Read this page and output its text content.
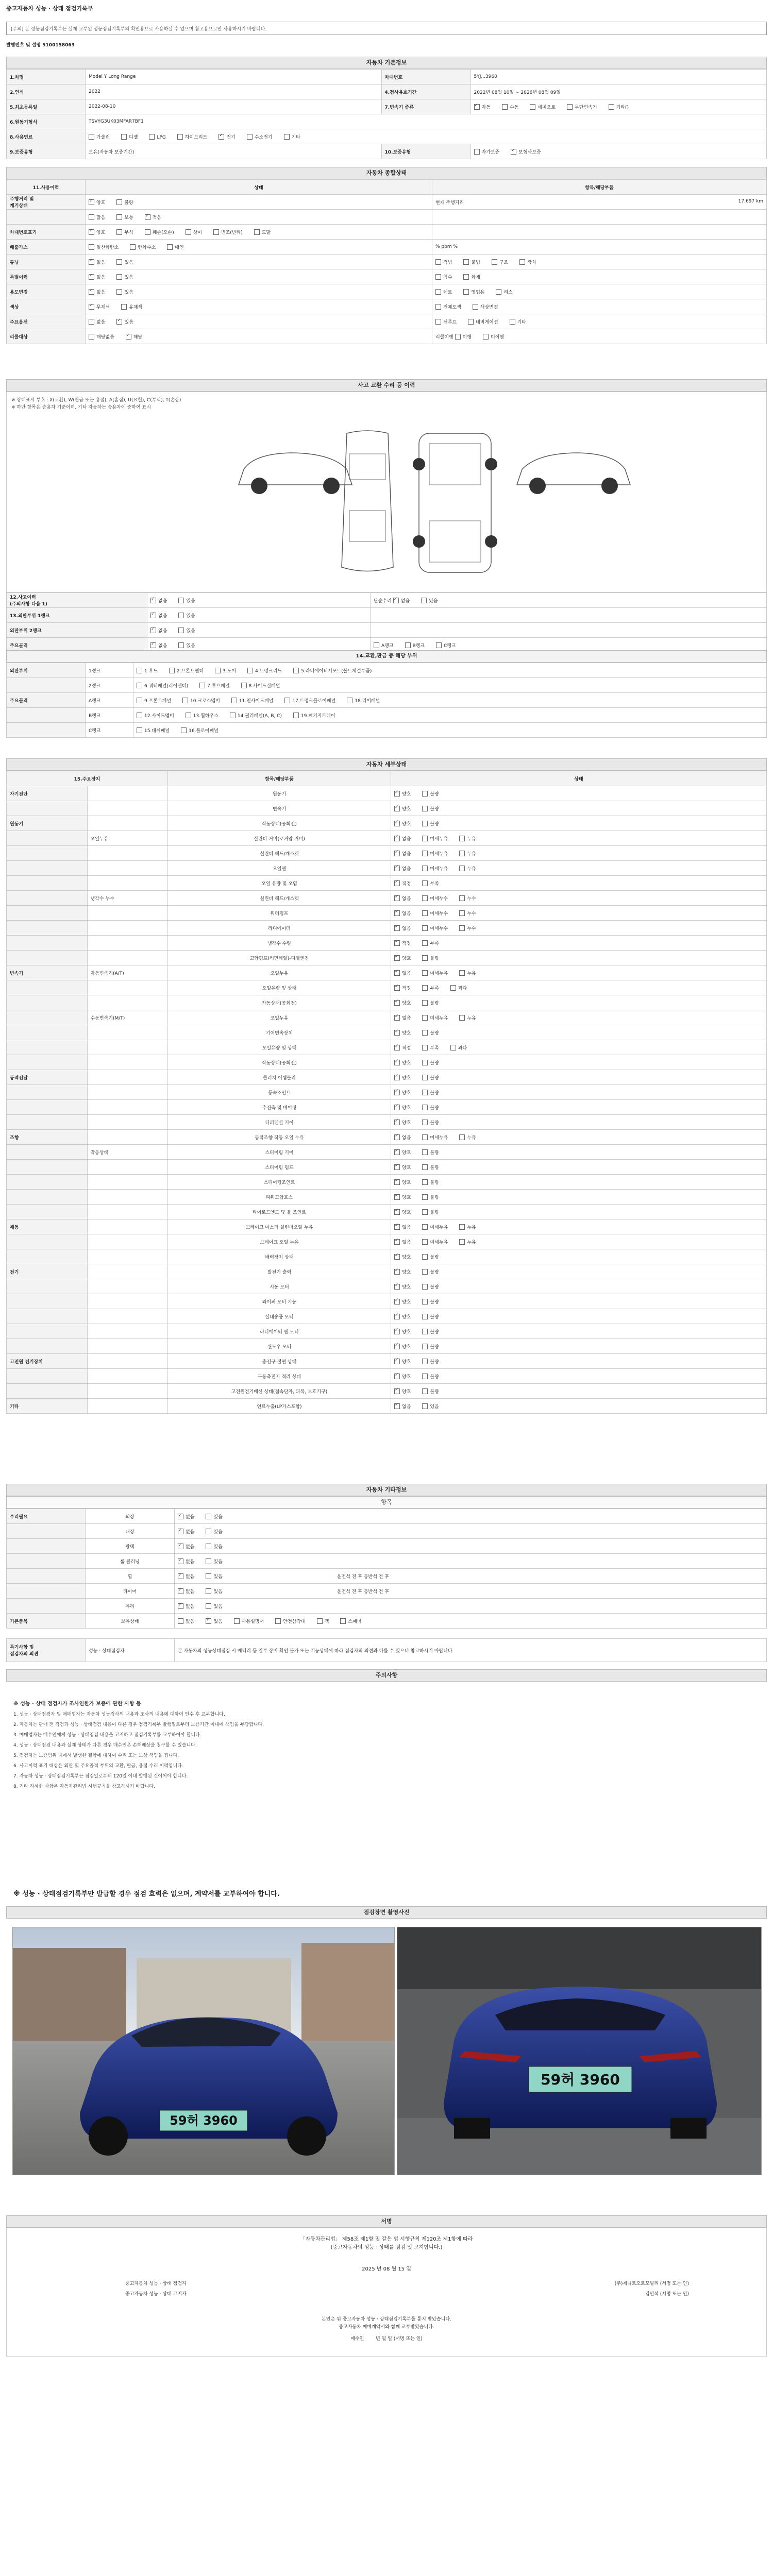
중고자동차 성능 · 상태 점검기록부
[주의] 본 성능점검기록부는 실제 교부된 성능점검기록부의 확인용으로 사용하실 수 없으며 참고용으로만 사용하시기 바랍니다.
발행번호 및 설명 5100158063
자동차 기본정보
1.차명	Model Y Long Range	차대번호	5YJ...3960
2.연식	2022	4.검사유효기간	2022년 08월 10일 ~ 2026년 08월 09일
5.최초등록일	2022-08-10	7.변속기 종류	✓자동 수동 세미오토 무단변속기 기타()
6.원동기형식	TSVYG3UK03MFAR7BF1		
8.사용연료	가솔린 디젤 LPG 하이브리드 ✓ 전기 수소전기 기타
9.보증유형	보유(자동차 보증기간)	10.보증유형	자가보증 ✓ 보험사보증
자동차 종합상태
11.사용이력	상태	항목/해당부품
주행거리 및
계기상태	✓양호 불량	현재 주행거리 17,697 km

	많음 보통 ✓ 적음	
차대번호표기	✓양호 부식 훼손(오손) 상이 변조(변타) 도말	
배출가스	일산화탄소 탄화수소 매연	% ppm %
튜닝	✓없음 있음	적법 불법 구조 장치
특별이력	✓없음 있음	침수 화재
용도변경	✓없음 있음	렌트 영업용 리스
색상	✓무채색 유채색	전체도색 색상변경
주요옵션	없음 ✓ 있음	선루프 네비게이션 기타
리콜대상	해당없음 ✓ 해당	리콜이행 이행 미이행
사고 교환 수리 등 이력
※ 상태표시 부호 : X(교환), W(판금 또는 용접), A(흠집), U(요철), C(부식), T(손상)
※ 하단 항목은 승용차 기준이며, 기타 자동차는 승용차에 준하여 표시
12.사고이력
(주의사항 다음 1)	✓없음 있음	단순수리 ✓없음 있음
13.외판부위 1랭크	✓없음 있음	
외판부위 2랭크	✓없음 있음	
주요골격	✓없음 있음	A랭크 B랭크 C랭크
14.교환,판금 등 해당 부위
외판부위	1랭크	1.후드 2.프론트펜더 3.도어 4.트렁크리드 5.라디에이터서포트(볼트체결부품)
	2랭크	6.쿼터패널(리어펜더) 7.루프패널 8.사이드실패널
주요골격	A랭크	9.프론트패널 10.크로스멤버 11.인사이드패널 17.트렁크플로어패널 18.리어패널
	B랭크	12.사이드멤버 13.휠하우스 14.필러패널(A, B, C) 19.패키지트레이
	C랭크	15.대쉬패널 16.플로어패널
자동차 세부상태
15.주요장치		항목/해당부품	상태
자기진단		원동기	✓양호 불량
		변속기	✓양호 불량
원동기		작동상태(공회전)	✓양호 불량
	오일누유	실린더 커버(로커암 커버)	✓없음 미세누유 누유
		실린더 헤드/개스켓	✓없음 미세누유 누유
		오일팬	✓없음 미세누유 누유
		오일 유량 및 오염	✓적정 부족
	냉각수 누수	실린더 헤드/개스켓	✓없음 미세누수 누수
		워터펌프	✓없음 미세누수 누수
		라디에이터	✓없음 미세누수 누수
		냉각수 수량	✓적정 부족
		고압펌프(커먼레일)-디젤엔진	✓양호 불량
변속기	자동변속기(A/T)	오일누유	✓없음 미세누유 누유
		오일유량 및 상태	✓적정 부족 과다
		작동상태(공회전)	✓양호 불량
	수동변속기(M/T)	오일누유	✓없음 미세누유 누유
		기어변속장치	✓양호 불량
		오일유량 및 상태	✓적정 부족 과다
		작동상태(공회전)	✓양호 불량
동력전달		클러치 어셈블리	✓양호 불량
		등속조인트	✓양호 불량
		추진축 및 베어링	✓양호 불량
		디퍼렌셜 기어	✓양호 불량
조향		동력조향 작동 오일 누유	✓없음 미세누유 누유
	작동상태	스티어링 기어	✓양호 불량
		스티어링 펌프	✓양호 불량
		스티어링조인트	✓양호 불량
		파워고압호스	✓양호 불량
		타이로드엔드 및 볼 조인트	✓양호 불량
제동		브레이크 마스터 실린더오일 누유	✓없음 미세누유 누유
		브레이크 오일 누유	✓없음 미세누유 누유
		배력장치 상태	✓양호 불량
전기		발전기 출력	✓양호 불량
		시동 모터	✓양호 불량
		와이퍼 모터 기능	✓양호 불량
		실내송풍 모터	✓양호 불량
		라디에이터 팬 모터	✓양호 불량
		윈도우 모터	✓양호 불량
고전원 전기장치		충전구 절연 상태	✓양호 불량
		구동축전지 격리 상태	✓양호 불량
		고전원전기배선 상태(접속단자, 피복, 보호기구)	✓양호 불량
기타		연료누출(LP가스포함)	✓없음 있음
자동차 기타정보
항목
수리필요	외장	✓없음 있음
	내장	✓없음 있음
	광택	✓없음 있음
	룸 클리닝	✓없음 있음
	휠	✓없음 있음 운전석 전 후 동반석 전 후
	타이어	✓없음 있음 운전석 전 후 동반석 전 후
	유리	✓없음 있음
기본품목	보유상태	없음 ✓ 있음 사용설명서 안전삼각대 잭 스패너
특기사항 및
점검자의 의견	성능 · 상태점검자	본 자동차의 성능상태점검 시 배터리 등 일부 장비 확인 불가 또는 기능상태에 따라 점검자의 의견과 다를 수 있으니 참고하시기 바랍니다.
주의사항

※ 성능 · 상태 점검자가 조사인한가 보증에 관한 사항 등

1. 성능 · 상태점검자 및 매매업자는 자동차 성능검사의 내용과 조사의 내용에 대하여 인수 후 교부합니다.

2. 자동차는 판매 전 점검과 성능 · 상태점검 내용이 다른 경우 점검기록부 발행일로부터 보증기간 이내에 책임을 부담합니다.

3. 매매업자는 매수인에게 성능 · 상태점검 내용을 고지하고 점검기록부를 교부하여야 합니다.

4. 성능 · 상태점검 내용과 실제 상태가 다른 경우 매수인은 손해배상을 청구할 수 있습니다.

5. 점검자는 보증범위 내에서 발생한 결함에 대하여 수리 또는 보상 책임을 집니다.

6. 사고이력 표기 대상은 외판 및 주요골격 부위의 교환, 판금, 용접 수리 이력입니다.

7. 자동차 성능 · 상태점검기록부는 점검일로부터 120일 이내 발행된 것이어야 합니다.

8. 기타 자세한 사항은 자동차관리법 시행규칙을 참고하시기 바랍니다.

※ 성능 · 상태점검기록부만 발급할 경우 점검 효력은 없으며, 계약서를 교부하여야 합니다.
점검장면 촬영사진
59허 3960
59허 3960
서명
「자동차관리법」 제58조 제1항 및 같은 법 시행규칙 제120조 제1항에 따라
(중고자동차의 성능 · 상태를 점검 및 고지합니다.)
2025 년 08 월 15 일
중고자동차 성능 · 상태 점검자	(주)제니트오토모빌리 (서명 또는 인)
중고자동차 성능 · 상태 고지자	김민석 (서명 또는 인)
본인은 위 중고자동차 성능 · 상태점검기록부를 통지 받았습니다.
중고자동차 매매계약서와 함께 교부받았습니다.
매수인	년 월 일 (서명 또는 인)
